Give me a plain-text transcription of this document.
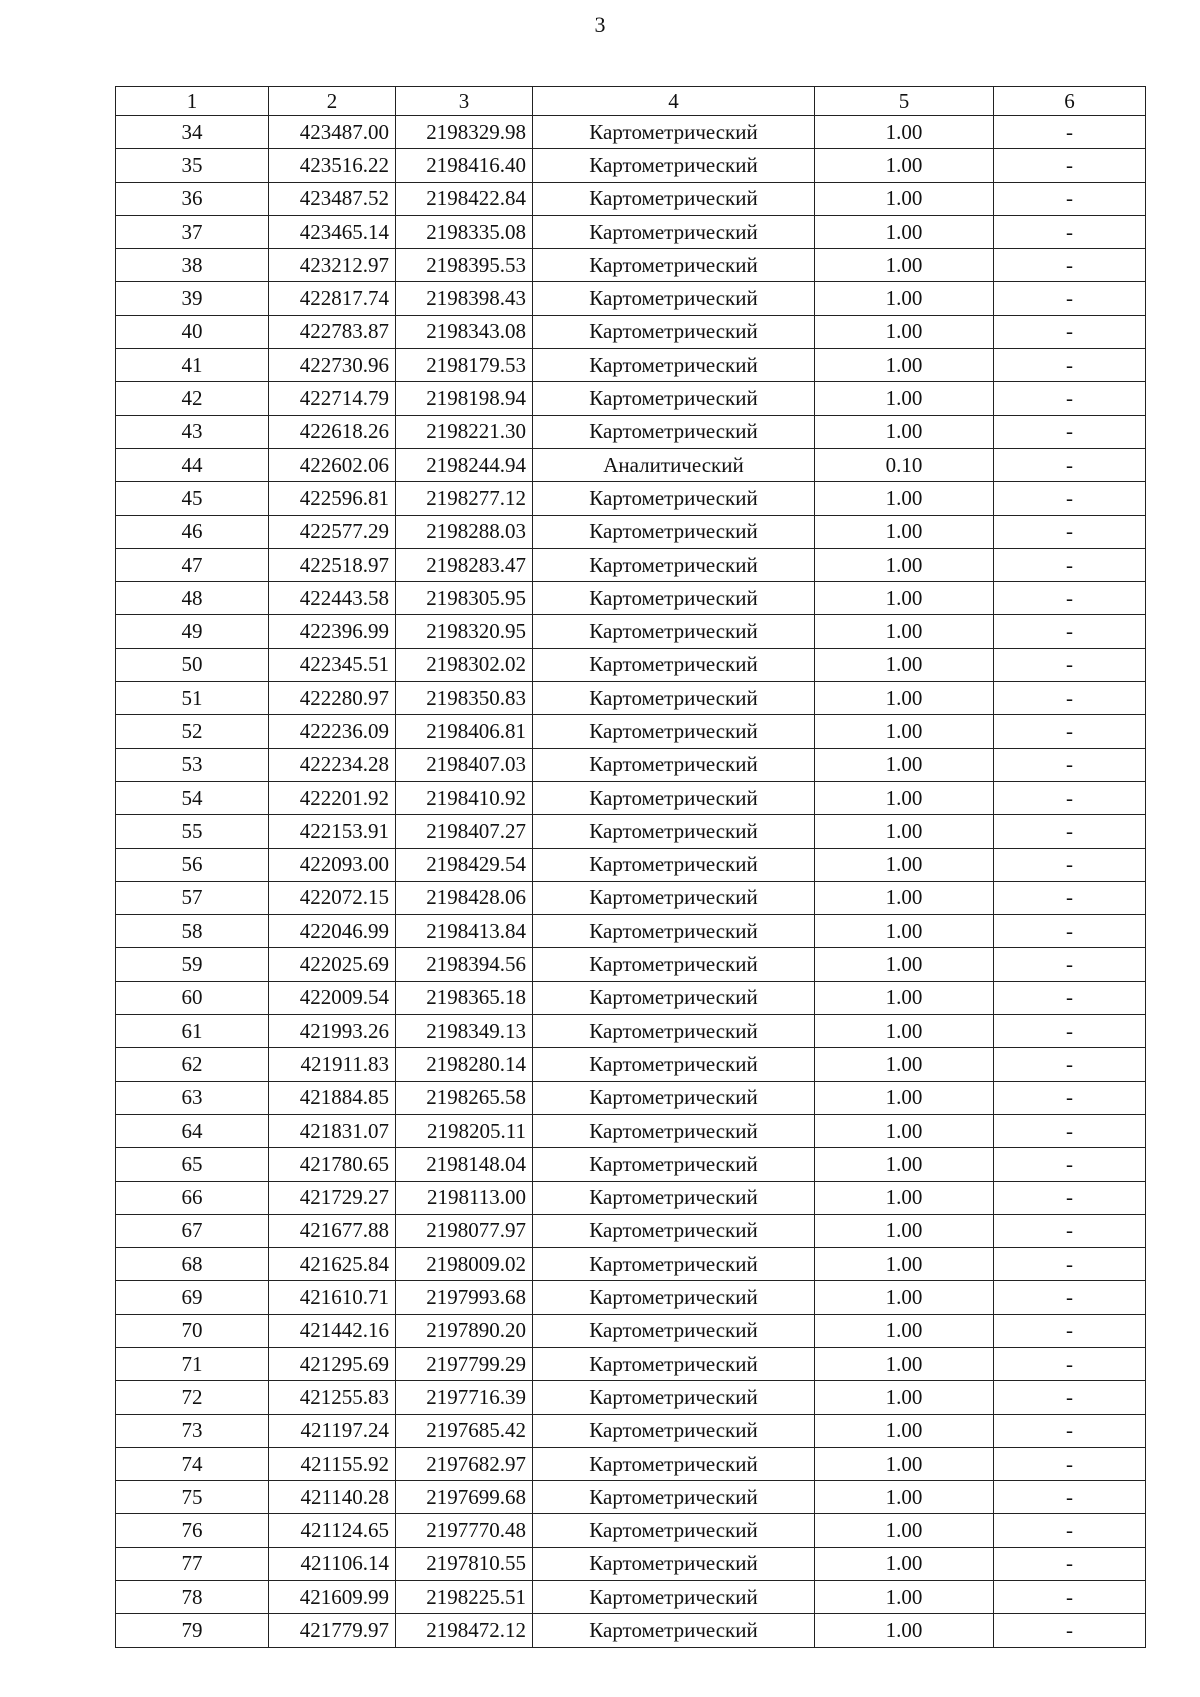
3
1	2	3	4	5	6
34	423487.00	2198329.98	Картометрический	1.00	-
35	423516.22	2198416.40	Картометрический	1.00	-
36	423487.52	2198422.84	Картометрический	1.00	-
37	423465.14	2198335.08	Картометрический	1.00	-
38	423212.97	2198395.53	Картометрический	1.00	-
39	422817.74	2198398.43	Картометрический	1.00	-
40	422783.87	2198343.08	Картометрический	1.00	-
41	422730.96	2198179.53	Картометрический	1.00	-
42	422714.79	2198198.94	Картометрический	1.00	-
43	422618.26	2198221.30	Картометрический	1.00	-
44	422602.06	2198244.94	Аналитический	0.10	-
45	422596.81	2198277.12	Картометрический	1.00	-
46	422577.29	2198288.03	Картометрический	1.00	-
47	422518.97	2198283.47	Картометрический	1.00	-
48	422443.58	2198305.95	Картометрический	1.00	-
49	422396.99	2198320.95	Картометрический	1.00	-
50	422345.51	2198302.02	Картометрический	1.00	-
51	422280.97	2198350.83	Картометрический	1.00	-
52	422236.09	2198406.81	Картометрический	1.00	-
53	422234.28	2198407.03	Картометрический	1.00	-
54	422201.92	2198410.92	Картометрический	1.00	-
55	422153.91	2198407.27	Картометрический	1.00	-
56	422093.00	2198429.54	Картометрический	1.00	-
57	422072.15	2198428.06	Картометрический	1.00	-
58	422046.99	2198413.84	Картометрический	1.00	-
59	422025.69	2198394.56	Картометрический	1.00	-
60	422009.54	2198365.18	Картометрический	1.00	-
61	421993.26	2198349.13	Картометрический	1.00	-
62	421911.83	2198280.14	Картометрический	1.00	-
63	421884.85	2198265.58	Картометрический	1.00	-
64	421831.07	2198205.11	Картометрический	1.00	-
65	421780.65	2198148.04	Картометрический	1.00	-
66	421729.27	2198113.00	Картометрический	1.00	-
67	421677.88	2198077.97	Картометрический	1.00	-
68	421625.84	2198009.02	Картометрический	1.00	-
69	421610.71	2197993.68	Картометрический	1.00	-
70	421442.16	2197890.20	Картометрический	1.00	-
71	421295.69	2197799.29	Картометрический	1.00	-
72	421255.83	2197716.39	Картометрический	1.00	-
73	421197.24	2197685.42	Картометрический	1.00	-
74	421155.92	2197682.97	Картометрический	1.00	-
75	421140.28	2197699.68	Картометрический	1.00	-
76	421124.65	2197770.48	Картометрический	1.00	-
77	421106.14	2197810.55	Картометрический	1.00	-
78	421609.99	2198225.51	Картометрический	1.00	-
79	421779.97	2198472.12	Картометрический	1.00	-
